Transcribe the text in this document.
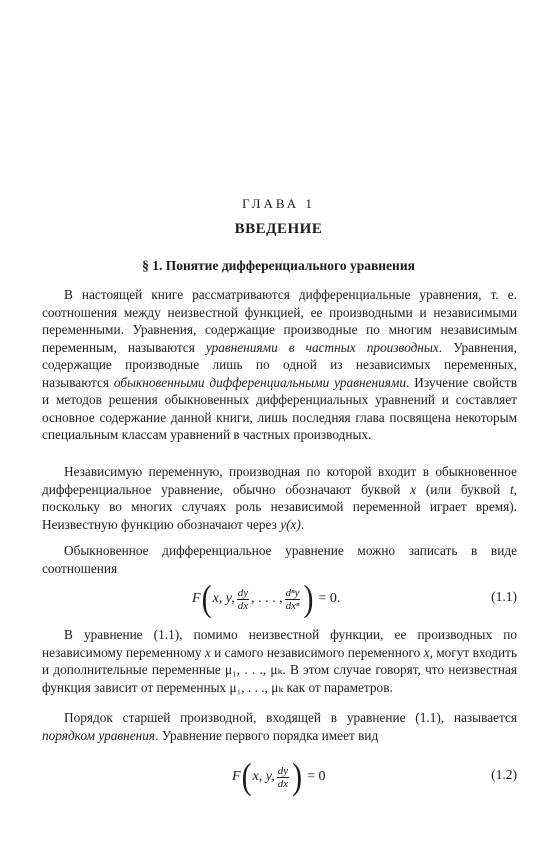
ГЛАВА 1
ВВЕДЕНИЕ
§ 1. Понятие дифференциального уравнения

В настоящей книге рассматриваются дифференциальные уравнения, т. е. соотношения между неизвестной функцией, ее производными и независимыми переменными. Уравнения, содержащие производные по многим независимым переменным, называются уравнениями в частных производных. Уравнения, содержащие производные лишь по одной из независимых переменных, называются обыкновенными дифференциальными уравнениями. Изучение свойств и методов решения обыкновенных дифференциальных уравнений и составляет основное содержание данной книги, лишь последняя глава посвящена некоторым специальным классам уравнений в частных производных.

Независимую переменную, производная по которой входит в обыкновенное дифференциальное уравнение, обычно обозначают буквой x (или буквой t, поскольку во многих случаях роль независимой переменной играет время). Неизвестную функцию обозначают через y(x).

Обыкновенное дифференциальное уравнение можно записать в виде соотношения

F ( x, y, $\frac{dy}{dx}$ , . . . , $\frac{\text{dⁿy}}{\text{dxⁿ}}$ ) = 0.	(1.1)

В уравнение (1.1), помимо неизвестной функции, ее производных по независимому переменному x и самого независимого переменного x, могут входить и дополнительные переменные μ₁, . . ., μₖ. В этом случае говорят, что неизвестная функция зависит от переменных μ₁, . . ., μₖ как от параметров.

Порядок старшей производной, входящей в уравнение (1.1), называется порядком уравнения. Уравнение первого порядка имеет вид

F ( x, y, $\frac{dy}{dx}$ ) = 0	(1.2)
